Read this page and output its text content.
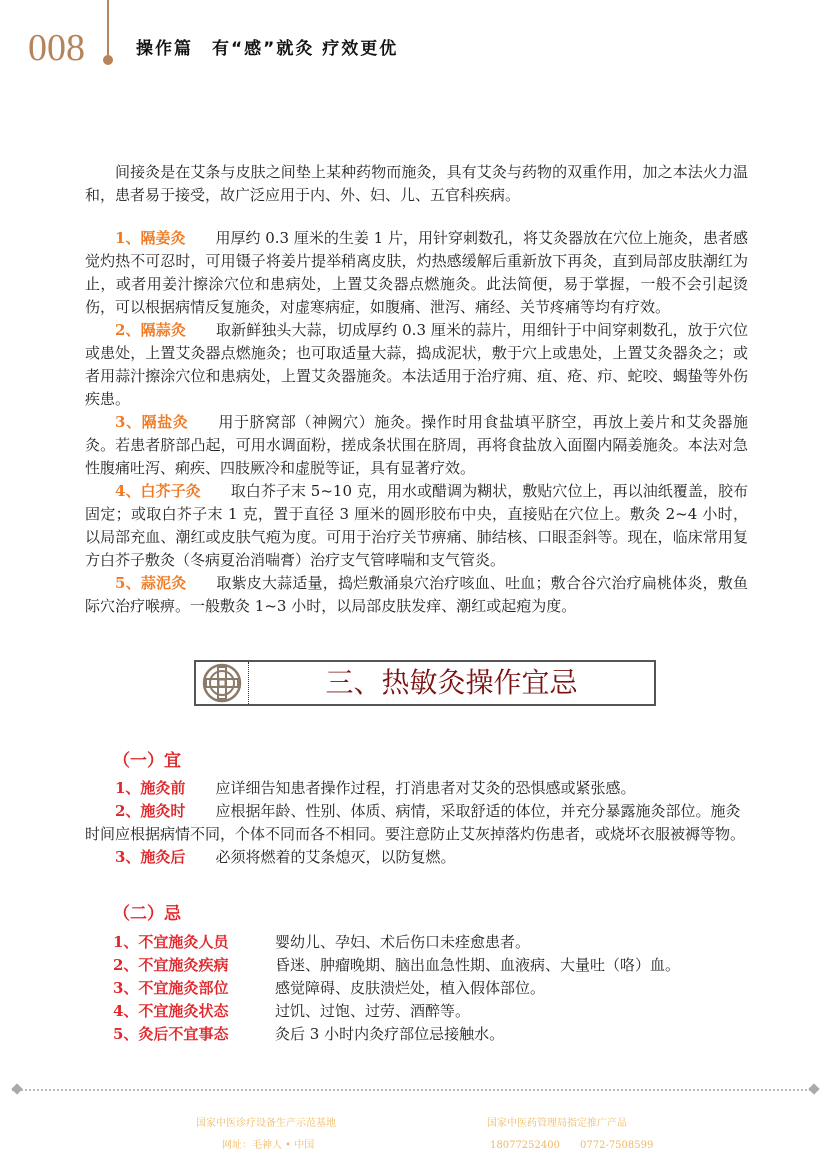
008	操作篇　有“感”就灸 疗效更优

间接灸是在艾条与皮肤之间垫上某种药物而施灸，具有艾灸与药物的双重作用，加之本法火力温和，患者易于接受，故广泛应用于内、外、妇、儿、五官科疾病。

1、隔姜灸 用厚约 0.3 厘米的生姜 1 片，用针穿刺数孔，将艾灸器放在穴位上施灸，患者感觉灼热不可忍时，可用镊子将姜片提举稍离皮肤，灼热感缓解后重新放下再灸，直到局部皮肤潮红为止，或者用姜汁擦涂穴位和患病处，上置艾灸器点燃施灸。此法简便，易于掌握，一般不会引起烫伤，可以根据病情反复施灸，对虚寒病症，如腹痛、泄泻、痛经、关节疼痛等均有疗效。

2、隔蒜灸 取新鲜独头大蒜，切成厚约 0.3 厘米的蒜片，用细针于中间穿刺数孔，放于穴位或患处，上置艾灸器点燃施灸；也可取适量大蒜，捣成泥状，敷于穴上或患处，上置艾灸器灸之；或者用蒜汁擦涂穴位和患病处，上置艾灸器施灸。本法适用于治疗痈、疽、疮、疖、蛇咬、蝎蛰等外伤疾患。

3、隔盐灸 用于脐窝部（神阙穴）施灸。操作时用食盐填平脐空，再放上姜片和艾灸器施灸。若患者脐部凸起，可用水调面粉，搓成条状围在脐周，再将食盐放入面圈内隔姜施灸。本法对急性腹痛吐泻、痢疾、四肢厥冷和虚脱等证，具有显著疗效。

4、白芥子灸 取白芥子末 5~10 克，用水或醋调为糊状，敷贴穴位上，再以油纸覆盖，胶布固定；或取白芥子末 1 克，置于直径 3 厘米的圆形胶布中央，直接贴在穴位上。敷灸 2~4 小时，以局部充血、潮红或皮肤气疱为度。可用于治疗关节痹痛、肺结核、口眼歪斜等。现在，临床常用复方白芥子敷灸（冬病夏治消喘膏）治疗支气管哮喘和支气管炎。

5、蒜泥灸 取紫皮大蒜适量，捣烂敷涌泉穴治疗咳血、吐血；敷合谷穴治疗扁桃体炎，敷鱼际穴治疗喉痹。一般敷灸 1~3 小时，以局部皮肤发痒、潮红或起疱为度。

三、热敏灸操作宜忌
（一）宜

1、施灸前 应详细告知患者操作过程，打消患者对艾灸的恐惧感或紧张感。

2、施灸时 应根据年龄、性别、体质、病情，采取舒适的体位，并充分暴露施灸部位。施灸时间应根据病情不同，个体不同而各不相同。要注意防止艾灰掉落灼伤患者，或烧坏衣服被褥等物。

3、施灸后 必须将燃着的艾条熄灭，以防复燃。

（二）忌
1、不宜施灸人员	婴幼儿、孕妇、术后伤口未痊愈患者。
2、不宜施灸疾病	昏迷、肿瘤晚期、脑出血急性期、血液病、大量吐（咯）血。
3、不宜施灸部位	感觉障碍、皮肤溃烂处，植入假体部位。
4、不宜施灸状态	过饥、过饱、过劳、酒醉等。
5、灸后不宜事态	灸后 3 小时内灸疗部位忌接触水。
国家中医诊疗设备生产示范基地
网址：毛神人 • 中国
国家中医药管理局指定推广产品
18077252400　　0772-7508599
